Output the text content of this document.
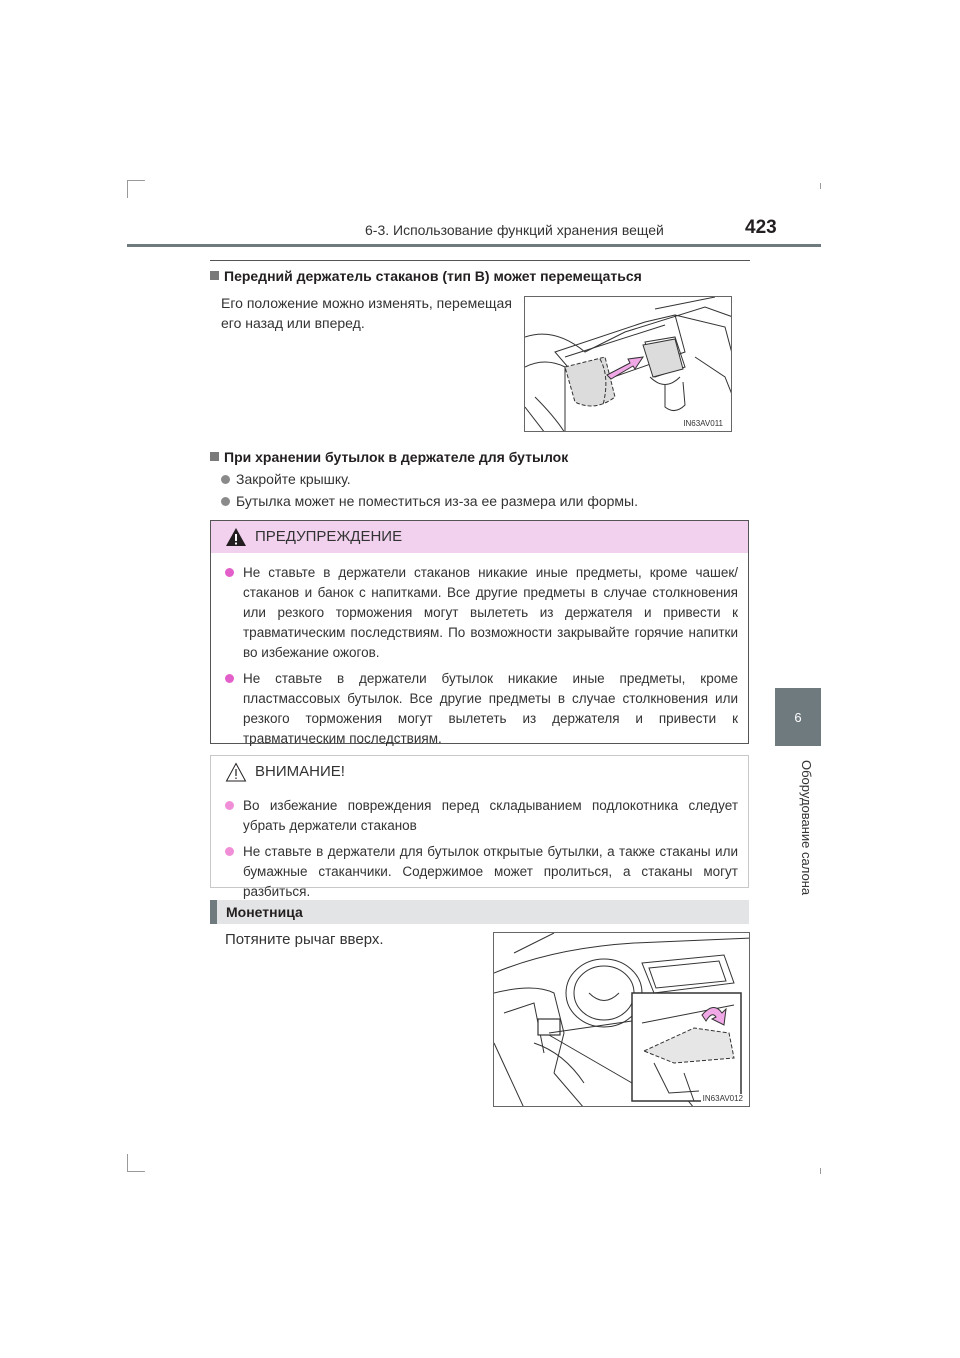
6-3. Использование функций хранения вещей	423
6
Оборудование салона
Передний держатель стаканов (тип В) может перемещаться
Его положение можно изменять, перемещая
его назад или вперед.
IN63AV011
При хранении бутылок в держателе для бутылок
Закройте крышку.
Бутылка может не поместиться из-за ее размера или формы.
ПРЕДУПРЕЖДЕНИЕ
Не ставьте в держатели стаканов никакие иные предметы, кроме чашек/стаканов и банок с напитками. Все другие предметы в случае столкновения или резкого торможения могут вылететь из держателя и привести к травматическим последствиям. По возможности закрывайте горячие напитки во избежание ожогов.
Не ставьте в держатели бутылок никакие иные предметы, кроме пластмассовых бутылок. Все другие предметы в случае столкновения или резкого торможения могут вылететь из держателя и привести к травматическим последствиям.
ВНИМАНИЕ!
Во избежание повреждения перед складыванием подлокотника следует убрать держатели стаканов
Не ставьте в держатели для бутылок открытые бутылки, а также стаканы или бумажные стаканчики. Содержимое может пролиться, а стаканы могут разбиться.
Монетница
Потяните рычаг вверх.
IN63AV012
